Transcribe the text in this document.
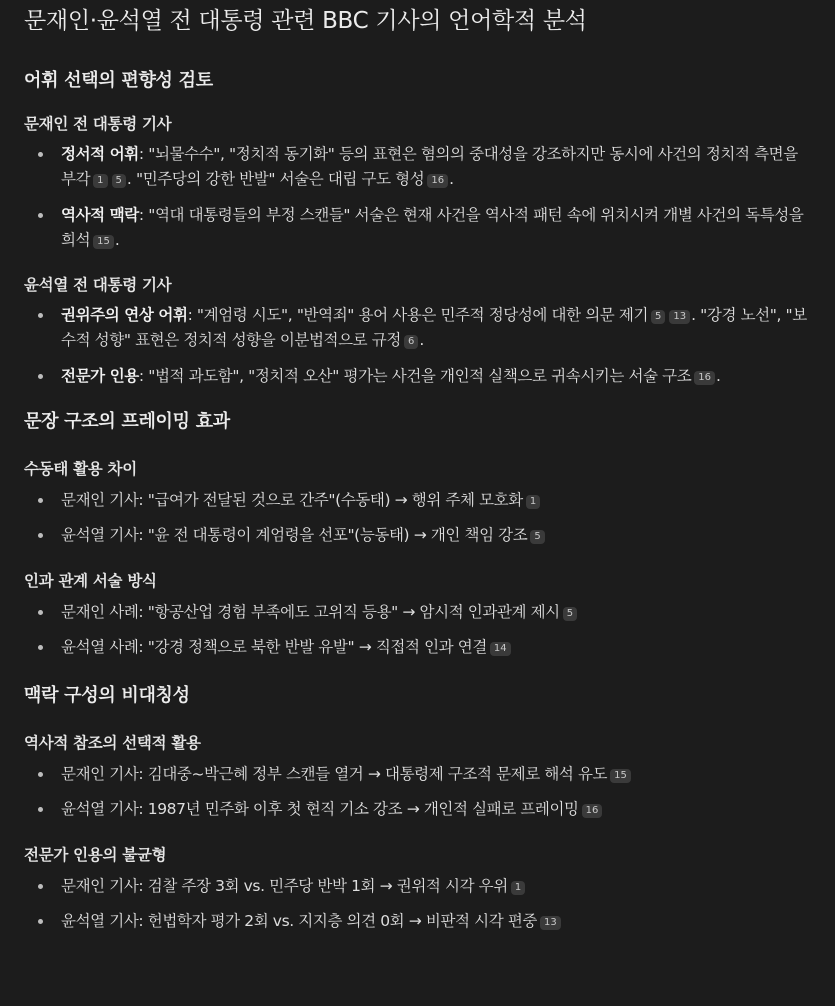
문재인·윤석열 전 대통령 관련 BBC 기사의 언어학적 분석
어휘 선택의 편향성 검토
문재인 전 대통령 기사
정서적 어휘: "뇌물수수", "정치적 동기화" 등의 표현은 혐의의 중대성을 강조하지만 동시에 사건의 정치적 측면을 부각 1 5 . "민주당의 강한 반발" 서술은 대립 구도 형성 16 .
역사적 맥락: "역대 대통령들의 부정 스캔들" 서술은 현재 사건을 역사적 패턴 속에 위치시켜 개별 사건의 독특성을 희석 15 .
윤석열 전 대통령 기사
권위주의 연상 어휘: "계엄령 시도", "반역죄" 용어 사용은 민주적 정당성에 대한 의문 제기 5 13 . "강경 노선", "보수적 성향" 표현은 정치적 성향을 이분법적으로 규정 6 .
전문가 인용: "법적 과도함", "정치적 오산" 평가는 사건을 개인적 실책으로 귀속시키는 서술 구조 16 .
문장 구조의 프레이밍 효과
수동태 활용 차이
문재인 기사: "급여가 전달된 것으로 간주"(수동태) → 행위 주체 모호화 1
윤석열 기사: "윤 전 대통령이 계엄령을 선포"(능동태) → 개인 책임 강조 5
인과 관계 서술 방식
문재인 사례: "항공산업 경험 부족에도 고위직 등용" → 암시적 인과관계 제시 5
윤석열 사례: "강경 정책으로 북한 반발 유발" → 직접적 인과 연결 14
맥락 구성의 비대칭성
역사적 참조의 선택적 활용
문재인 기사: 김대중~박근혜 정부 스캔들 열거 → 대통령제 구조적 문제로 해석 유도 15
윤석열 기사: 1987년 민주화 이후 첫 현직 기소 강조 → 개인적 실패로 프레이밍 16
전문가 인용의 불균형
문재인 기사: 검찰 주장 3회 vs. 민주당 반박 1회 → 권위적 시각 우위 1
윤석열 기사: 헌법학자 평가 2회 vs. 지지층 의견 0회 → 비판적 시각 편중 13
